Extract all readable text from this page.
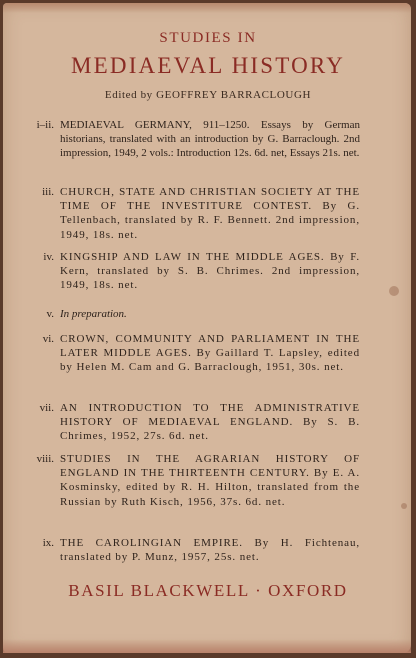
STUDIES IN
MEDIAEVAL HISTORY
Edited by GEOFFREY BARRACLOUGH
i–ii. MEDIAEVAL GERMANY, 911–1250. Essays by German historians, translated with an introduction by G. Barraclough. 2nd impression, 1949, 2 vols.: Introduction 12s. 6d. net, Essays 21s. net.

iii. CHURCH, STATE AND CHRISTIAN SOCIETY AT THE TIME OF THE INVESTITURE CONTEST. By G. Tellenbach, translated by R. F. Bennett. 2nd impression, 1949, 18s. net.

iv. KINGSHIP AND LAW IN THE MIDDLE AGES. By F. Kern, translated by S. B. Chrimes. 2nd impression, 1949, 18s. net.

v. In preparation.

vi. CROWN, COMMUNITY AND PARLIAMENT IN THE LATER MIDDLE AGES. By Gaillard T. Lapsley, edited by Helen M. Cam and G. Barraclough, 1951, 30s. net.

vii. AN INTRODUCTION TO THE ADMINISTRATIVE HISTORY OF MEDIAEVAL ENGLAND. By S. B. Chrimes, 1952, 27s. 6d. net.

viii. STUDIES IN THE AGRARIAN HISTORY OF ENGLAND IN THE THIRTEENTH CENTURY. By E. A. Kosminsky, edited by R. H. Hilton, translated from the Russian by Ruth Kisch, 1956, 37s. 6d. net.

ix. THE CAROLINGIAN EMPIRE. By H. Fichtenau, translated by P. Munz, 1957, 25s. net.

BASIL BLACKWELL · OXFORD
